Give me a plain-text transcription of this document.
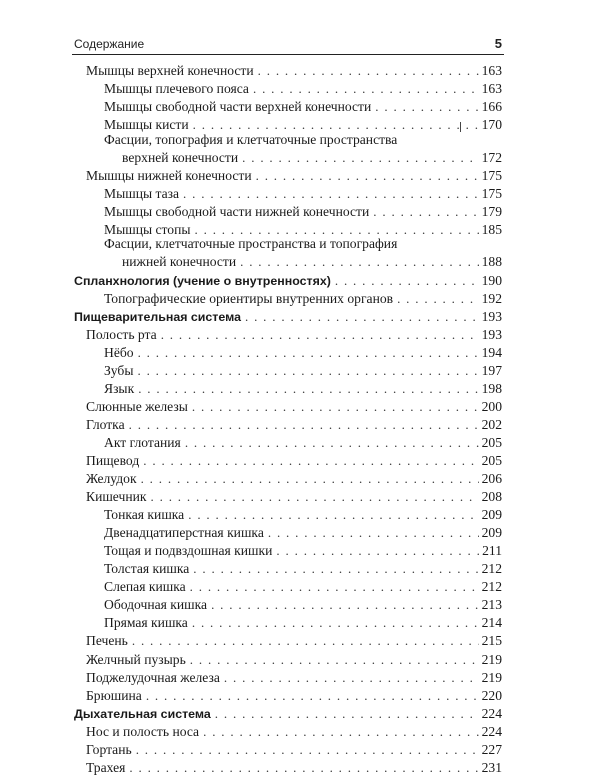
Содержание	5
Мышцы верхней конечности . . .	163
Мышцы плечевого пояса . . .	163
Мышцы свободной части верхней конечности . . .	166
Мышцы кисти . . .	170
Фасции, топография и клетчаточные пространства
верхней конечности . . .	172
Мышцы нижней конечности . . .	175
Мышцы таза . . .	175
Мышцы свободной части нижней конечности . . .	179
Мышцы стопы . . .	185
Фасции, клетчаточные пространства и топография
нижней конечности . . .	188
Спланхнология (учение о внутренностях) . . .	190
Топографические ориентиры внутренних органов . . .	192
Пищеварительная система . . .	193
Полость рта . . .	193
Нёбо . . .	194
Зубы . . .	197
Язык . . .	198
Слюнные железы . . .	200
Глотка . . .	202
Акт глотания . . .	205
Пищевод . . .	205
Желудок . . .	206
Кишечник . . .	208
Тонкая кишка . . .	209
Двенадцатиперстная кишка . . .	209
Тощая и подвздошная кишки . . .	211
Толстая кишка . . .	212
Слепая кишка . . .	212
Ободочная кишка . . .	213
Прямая кишка . . .	214
Печень . . .	215
Желчный пузырь . . .	219
Поджелудочная железа . . .	219
Брюшина . . .	220
Дыхательная система . . .	224
Нос и полость носа . . .	224
Гортань . . .	227
Трахея . . .	231
